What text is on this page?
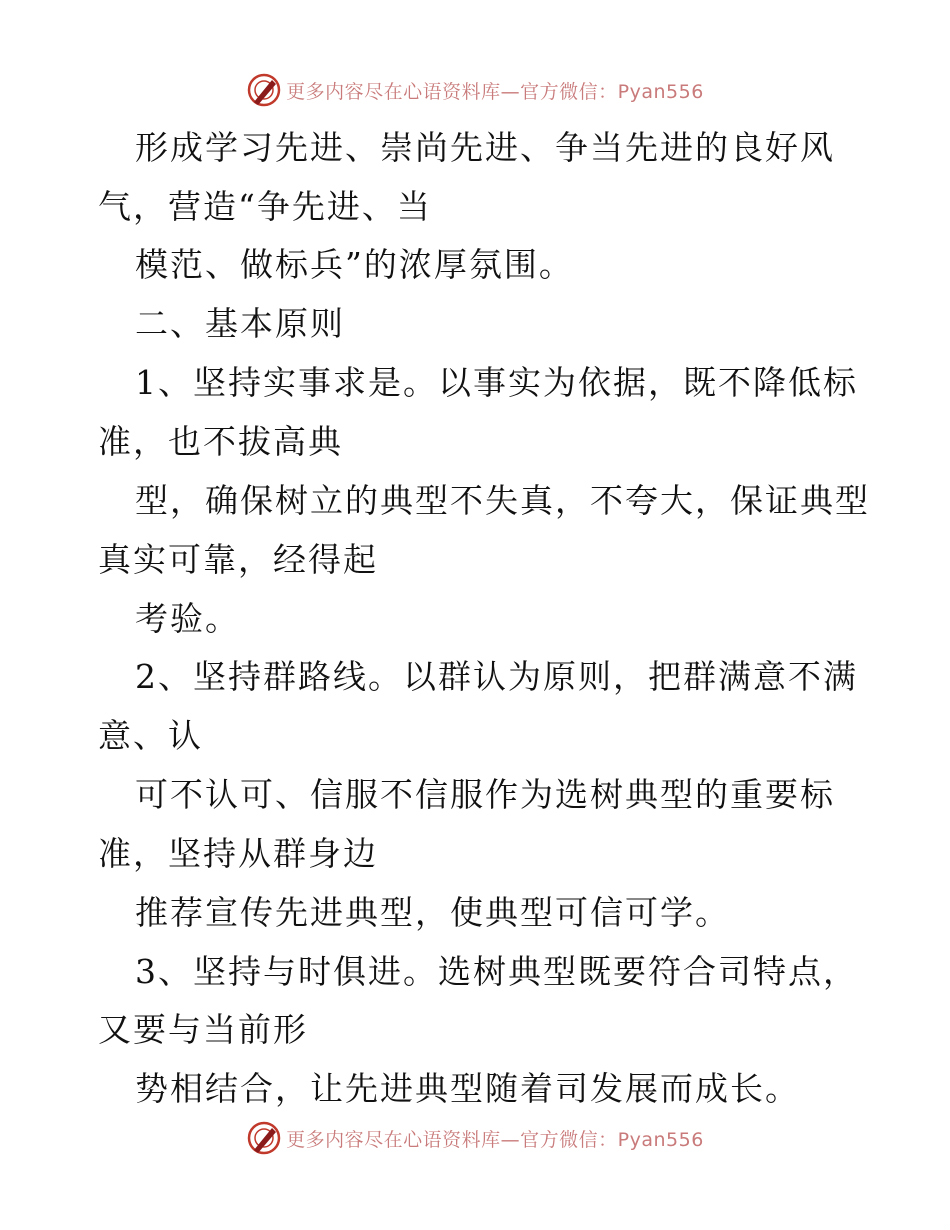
更多内容尽在心语资料库—官方微信：Pyan556
形成学习先进、崇尚先进、争当先进的良好风
气，营造“争先进、当
模范、做标兵”的浓厚氛围。
二、基本原则
1、坚持实事求是。以事实为依据，既不降低标
准，也不拔高典
型，确保树立的典型不失真，不夸大，保证典型
真实可靠，经得起
考验。
2、坚持群路线。以群认为原则，把群满意不满
意、认
可不认可、信服不信服作为选树典型的重要标
准，坚持从群身边
推荐宣传先进典型，使典型可信可学。
3、坚持与时俱进。选树典型既要符合司特点，
又要与当前形
势相结合，让先进典型随着司发展而成长。
更多内容尽在心语资料库—官方微信：Pyan556
